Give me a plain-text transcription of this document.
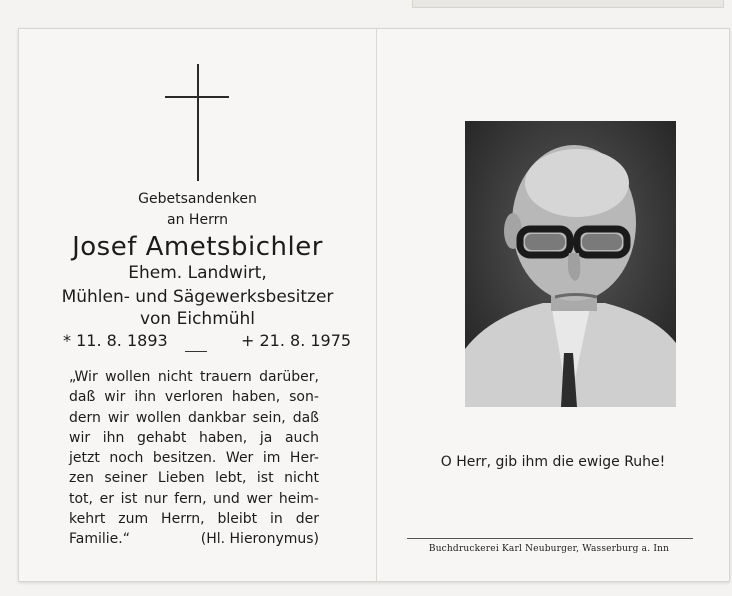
Gebetsandenken
an Herrn
Josef Ametsbichler
Ehem. Landwirt,
Mühlen- und Sägewerksbesitzer
von Eichmühl
* 11. 8. 1893	+ 21. 8. 1975
„Wir wollen nicht trauern darüber,
daß wir ihn verloren haben, son-
dern wir wollen dankbar sein, daß
wir ihn gehabt haben, ja auch
jetzt noch besitzen. Wer im Her-
zen seiner Lieben lebt, ist nicht
tot, er ist nur fern, und wer heim-
kehrt zum Herrn, bleibt in der
Familie.“	(Hl. Hieronymus)
O Herr, gib ihm die ewige Ruhe!
Buchdruckerei Karl Neuburger, Wasserburg a. Inn
